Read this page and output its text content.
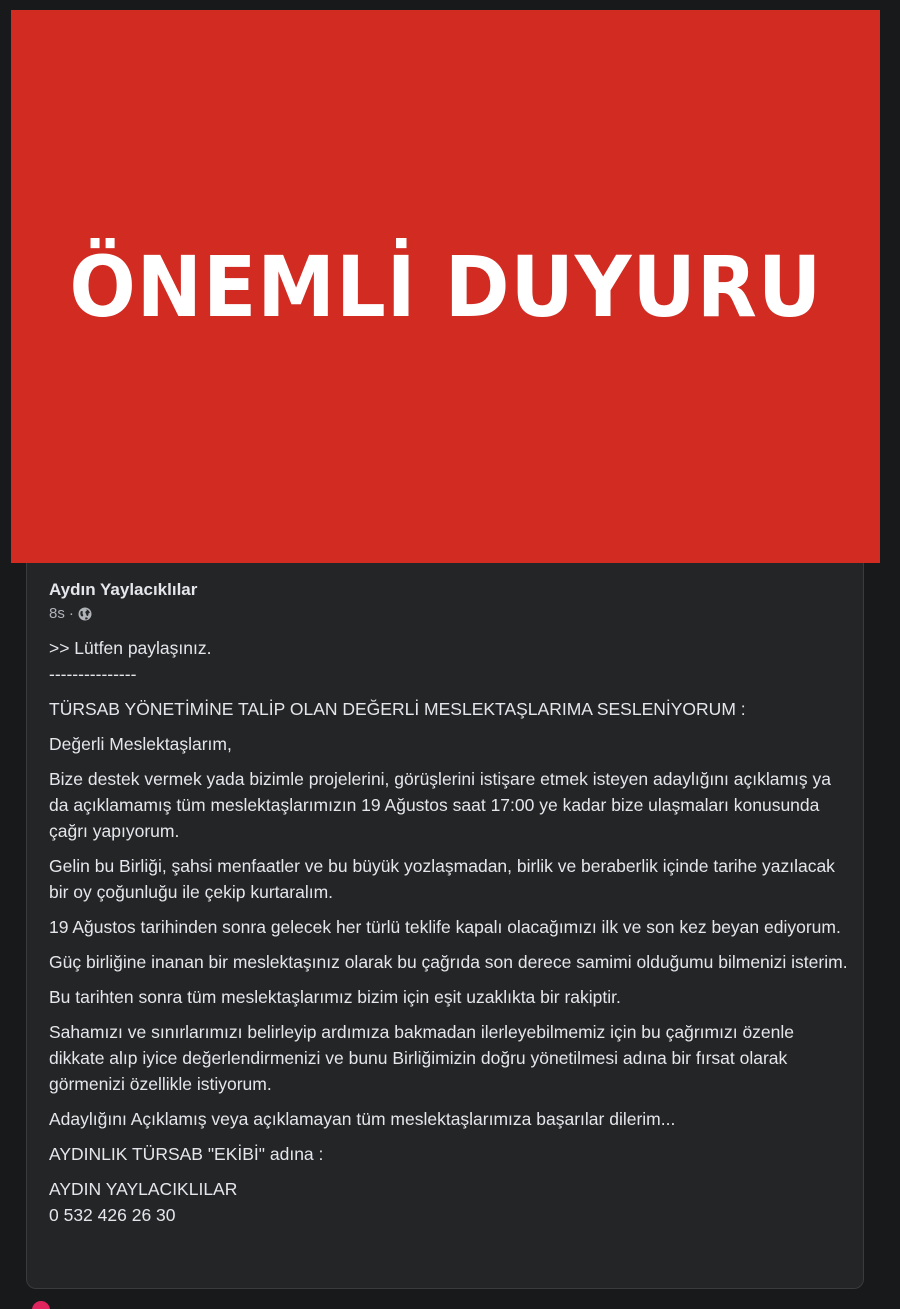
ÖNEMLİ DUYURU
Aydın Yaylacıklılar
8s ·

>> Lütfen paylaşınız.
---------------

TÜRSAB YÖNETİMİNE TALİP OLAN DEĞERLİ MESLEKTAŞLARIMA SESLENİYORUM :

Değerli Meslektaşlarım,

Bize destek vermek yada bizimle projelerini, görüşlerini istişare etmek isteyen adaylığını açıklamış ya da açıklamamış tüm meslektaşlarımızın 19 Ağustos saat 17:00 ye kadar bize ulaşmaları konusunda çağrı yapıyorum.

Gelin bu Birliği, şahsi menfaatler ve bu büyük yozlaşmadan, birlik ve beraberlik içinde tarihe yazılacak bir oy çoğunluğu ile çekip kurtaralım.

19 Ağustos tarihinden sonra gelecek her türlü teklife kapalı olacağımızı ilk ve son kez beyan ediyorum.

Güç birliğine inanan bir meslektaşınız olarak bu çağrıda son derece samimi olduğumu bilmenizi isterim.

Bu tarihten sonra tüm meslektaşlarımız bizim için eşit uzaklıkta bir rakiptir.

Sahamızı ve sınırlarımızı belirleyip ardımıza bakmadan ilerleyebilmemiz için bu çağrımızı özenle dikkate alıp iyice değerlendirmenizi ve bunu Birliğimizin doğru yönetilmesi adına bir fırsat olarak görmenizi özellikle istiyorum.

Adaylığını Açıklamış veya açıklamayan tüm meslektaşlarımıza başarılar dilerim...

AYDINLIK TÜRSAB "EKİBİ" adına :

AYDIN YAYLACIKLILAR
0 532 426 26 30
